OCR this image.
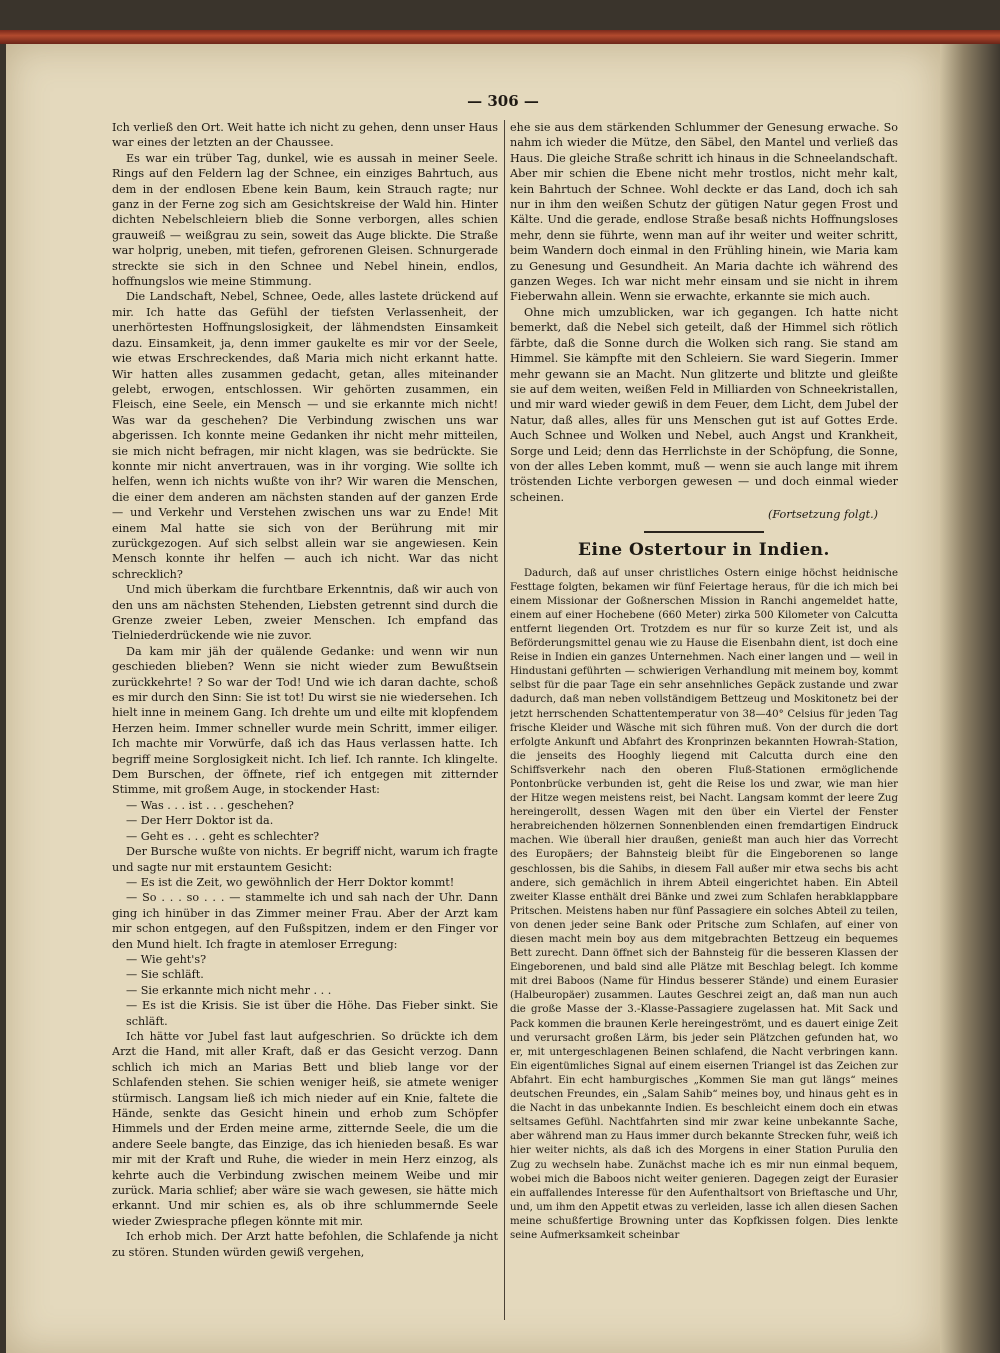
— 306 —

Ich verließ den Ort. Weit hatte ich nicht zu gehen, denn unser Haus war eines der letzten an der Chaussee.

Es war ein trüber Tag, dunkel, wie es aussah in meiner Seele. Rings auf den Feldern lag der Schnee, ein einziges Bahrtuch, aus dem in der endlosen Ebene kein Baum, kein Strauch ragte; nur ganz in der Ferne zog sich am Gesichtskreise der Wald hin. Hinter dichten Nebelschleiern blieb die Sonne verborgen, alles schien grauweiß — weißgrau zu sein, soweit das Auge blickte. Die Straße war holprig, uneben, mit tiefen, gefrorenen Gleisen. Schnurgerade streckte sie sich in den Schnee und Nebel hinein, endlos, hoffnungslos wie meine Stimmung.

Die Landschaft, Nebel, Schnee, Oede, alles lastete drückend auf mir. Ich hatte das Gefühl der tiefsten Verlassenheit, der unerhörtesten Hoffnungslosigkeit, der lähmendsten Einsamkeit dazu. Einsamkeit, ja, denn immer gaukelte es mir vor der Seele, wie etwas Erschreckendes, daß Maria mich nicht erkannt hatte. Wir hatten alles zusammen gedacht, getan, alles miteinander gelebt, erwogen, entschlossen. Wir gehörten zusammen, ein Fleisch, eine Seele, ein Mensch — und sie erkannte mich nicht! Was war da geschehen? Die Verbindung zwischen uns war abgerissen. Ich konnte meine Gedanken ihr nicht mehr mitteilen, sie mich nicht befragen, mir nicht klagen, was sie bedrückte. Sie konnte mir nicht anvertrauen, was in ihr vorging. Wie sollte ich helfen, wenn ich nichts wußte von ihr? Wir waren die Menschen, die einer dem anderen am nächsten standen auf der ganzen Erde — und Verkehr und Verstehen zwischen uns war zu Ende! Mit einem Mal hatte sie sich von der Berührung mit mir zurückgezogen. Auf sich selbst allein war sie angewiesen. Kein Mensch konnte ihr helfen — auch ich nicht. War das nicht schrecklich?

Und mich überkam die furchtbare Erkenntnis, daß wir auch von den uns am nächsten Stehenden, Liebsten getrennt sind durch die Grenze zweier Leben, zweier Menschen. Ich empfand das Tielniederdrückende wie nie zuvor.

Da kam mir jäh der quälende Gedanke: und wenn wir nun geschieden blieben? Wenn sie nicht wieder zum Bewußtsein zurückkehrte! ? So war der Tod! Und wie ich daran dachte, schoß es mir durch den Sinn: Sie ist tot! Du wirst sie nie wiedersehen. Ich hielt inne in meinem Gang. Ich drehte um und eilte mit klopfendem Herzen heim. Immer schneller wurde mein Schritt, immer eiliger. Ich machte mir Vorwürfe, daß ich das Haus verlassen hatte. Ich begriff meine Sorglosigkeit nicht. Ich lief. Ich rannte. Ich klingelte. Dem Burschen, der öffnete, rief ich entgegen mit zitternder Stimme, mit großem Auge, in stockender Hast:

— Was . . . ist . . . geschehen?

— Der Herr Doktor ist da.

— Geht es . . . geht es schlechter?

Der Bursche wußte von nichts. Er begriff nicht, warum ich fragte und sagte nur mit erstauntem Gesicht:

— Es ist die Zeit, wo gewöhnlich der Herr Doktor kommt!

— So . . . so . . . — stammelte ich und sah nach der Uhr. Dann ging ich hinüber in das Zimmer meiner Frau. Aber der Arzt kam mir schon entgegen, auf den Fußspitzen, indem er den Finger vor den Mund hielt. Ich fragte in atemloser Erregung:

— Wie geht's?

— Sie schläft.

— Sie erkannte mich nicht mehr . . .

— Es ist die Krisis. Sie ist über die Höhe. Das Fieber sinkt. Sie schläft.

Ich hätte vor Jubel fast laut aufgeschrien. So drückte ich dem Arzt die Hand, mit aller Kraft, daß er das Gesicht verzog. Dann schlich ich mich an Marias Bett und blieb lange vor der Schlafenden stehen. Sie schien weniger heiß, sie atmete weniger stürmisch. Langsam ließ ich mich nieder auf ein Knie, faltete die Hände, senkte das Gesicht hinein und erhob zum Schöpfer Himmels und der Erden meine arme, zitternde Seele, die um die andere Seele bangte, das Einzige, das ich hienieden besaß. Es war mir mit der Kraft und Ruhe, die wieder in mein Herz einzog, als kehrte auch die Verbindung zwischen meinem Weibe und mir zurück. Maria schlief; aber wäre sie wach gewesen, sie hätte mich erkannt. Und mir schien es, als ob ihre schlummernde Seele wieder Zwiesprache pflegen könnte mit mir.

Ich erhob mich. Der Arzt hatte befohlen, die Schlafende ja nicht zu stören. Stunden würden gewiß vergehen,

ehe sie aus dem stärkenden Schlummer der Genesung erwache. So nahm ich wieder die Mütze, den Säbel, den Mantel und verließ das Haus. Die gleiche Straße schritt ich hinaus in die Schneelandschaft. Aber mir schien die Ebene nicht mehr trostlos, nicht mehr kalt, kein Bahrtuch der Schnee. Wohl deckte er das Land, doch ich sah nur in ihm den weißen Schutz der gütigen Natur gegen Frost und Kälte. Und die gerade, endlose Straße besaß nichts Hoffnungsloses mehr, denn sie führte, wenn man auf ihr weiter und weiter schritt, beim Wandern doch einmal in den Frühling hinein, wie Maria kam zu Genesung und Gesundheit. An Maria dachte ich während des ganzen Weges. Ich war nicht mehr einsam und sie nicht in ihrem Fieberwahn allein. Wenn sie erwachte, erkannte sie mich auch.

Ohne mich umzublicken, war ich gegangen. Ich hatte nicht bemerkt, daß die Nebel sich geteilt, daß der Himmel sich rötlich färbte, daß die Sonne durch die Wolken sich rang. Sie stand am Himmel. Sie kämpfte mit den Schleiern. Sie ward Siegerin. Immer mehr gewann sie an Macht. Nun glitzerte und blitzte und gleißte sie auf dem weiten, weißen Feld in Milliarden von Schneekristallen, und mir ward wieder gewiß in dem Feuer, dem Licht, dem Jubel der Natur, daß alles, alles für uns Menschen gut ist auf Gottes Erde. Auch Schnee und Wolken und Nebel, auch Angst und Krankheit, Sorge und Leid; denn das Herrlichste in der Schöpfung, die Sonne, von der alles Leben kommt, muß — wenn sie auch lange mit ihrem tröstenden Lichte verborgen gewesen — und doch einmal wieder scheinen.

(Fortsetzung folgt.)
Eine Ostertour in Indien.

Dadurch, daß auf unser christliches Ostern einige höchst heidnische Festtage folgten, bekamen wir fünf Feiertage heraus, für die ich mich bei einem Missionar der Goßnerschen Mission in Ranchi angemeldet hatte, einem auf einer Hochebene (660 Meter) zirka 500 Kilometer von Calcutta entfernt liegenden Ort. Trotzdem es nur für so kurze Zeit ist, und als Beförderungsmittel genau wie zu Hause die Eisenbahn dient, ist doch eine Reise in Indien ein ganzes Unternehmen. Nach einer langen und — weil in Hindustani geführten — schwierigen Verhandlung mit meinem boy, kommt selbst für die paar Tage ein sehr ansehnliches Gepäck zustande und zwar dadurch, daß man neben vollständigem Bettzeug und Moskitonetz bei der jetzt herrschenden Schattentemperatur von 38—40° Celsius für jeden Tag frische Kleider und Wäsche mit sich führen muß. Von der durch die dort erfolgte Ankunft und Abfahrt des Kronprinzen bekannten Howrah-Station, die jenseits des Hooghly liegend mit Calcutta durch eine den Schiffsverkehr nach den oberen Fluß-Stationen ermöglichende Pontonbrücke verbunden ist, geht die Reise los und zwar, wie man hier der Hitze wegen meistens reist, bei Nacht. Langsam kommt der leere Zug hereingerollt, dessen Wagen mit den über ein Viertel der Fenster herabreichenden hölzernen Sonnenblenden einen fremdartigen Eindruck machen. Wie überall hier draußen, genießt man auch hier das Vorrecht des Europäers; der Bahnsteig bleibt für die Eingeborenen so lange geschlossen, bis die Sahibs, in diesem Fall außer mir etwa sechs bis acht andere, sich gemächlich in ihrem Abteil eingerichtet haben. Ein Abteil zweiter Klasse enthält drei Bänke und zwei zum Schlafen herabklappbare Pritschen. Meistens haben nur fünf Passagiere ein solches Abteil zu teilen, von denen jeder seine Bank oder Pritsche zum Schlafen, auf einer von diesen macht mein boy aus dem mitgebrachten Bettzeug ein bequemes Bett zurecht. Dann öffnet sich der Bahnsteig für die besseren Klassen der Eingeborenen, und bald sind alle Plätze mit Beschlag belegt. Ich komme mit drei Baboos (Name für Hindus besserer Stände) und einem Eurasier (Halbeuropäer) zusammen. Lautes Geschrei zeigt an, daß man nun auch die große Masse der 3.-Klasse-Passagiere zugelassen hat. Mit Sack und Pack kommen die braunen Kerle hereingeströmt, und es dauert einige Zeit und verursacht großen Lärm, bis jeder sein Plätzchen gefunden hat, wo er, mit untergeschlagenen Beinen schlafend, die Nacht verbringen kann. Ein eigentümliches Signal auf einem eisernen Triangel ist das Zeichen zur Abfahrt. Ein echt hamburgisches „Kommen Sie man gut längs“ meines deutschen Freundes, ein „Salam Sahib“ meines boy, und hinaus geht es in die Nacht in das unbekannte Indien. Es beschleicht einem doch ein etwas seltsames Gefühl. Nachtfahrten sind mir zwar keine unbekannte Sache, aber während man zu Haus immer durch bekannte Strecken fuhr, weiß ich hier weiter nichts, als daß ich des Morgens in einer Station Purulia den Zug zu wechseln habe. Zunächst mache ich es mir nun einmal bequem, wobei mich die Baboos nicht weiter genieren. Dagegen zeigt der Eurasier ein auffallendes Interesse für den Aufenthaltsort von Brieftasche und Uhr, und, um ihm den Appetit etwas zu verleiden, lasse ich allen diesen Sachen meine schußfertige Browning unter das Kopfkissen folgen. Dies lenkte seine Aufmerksamkeit scheinbar
